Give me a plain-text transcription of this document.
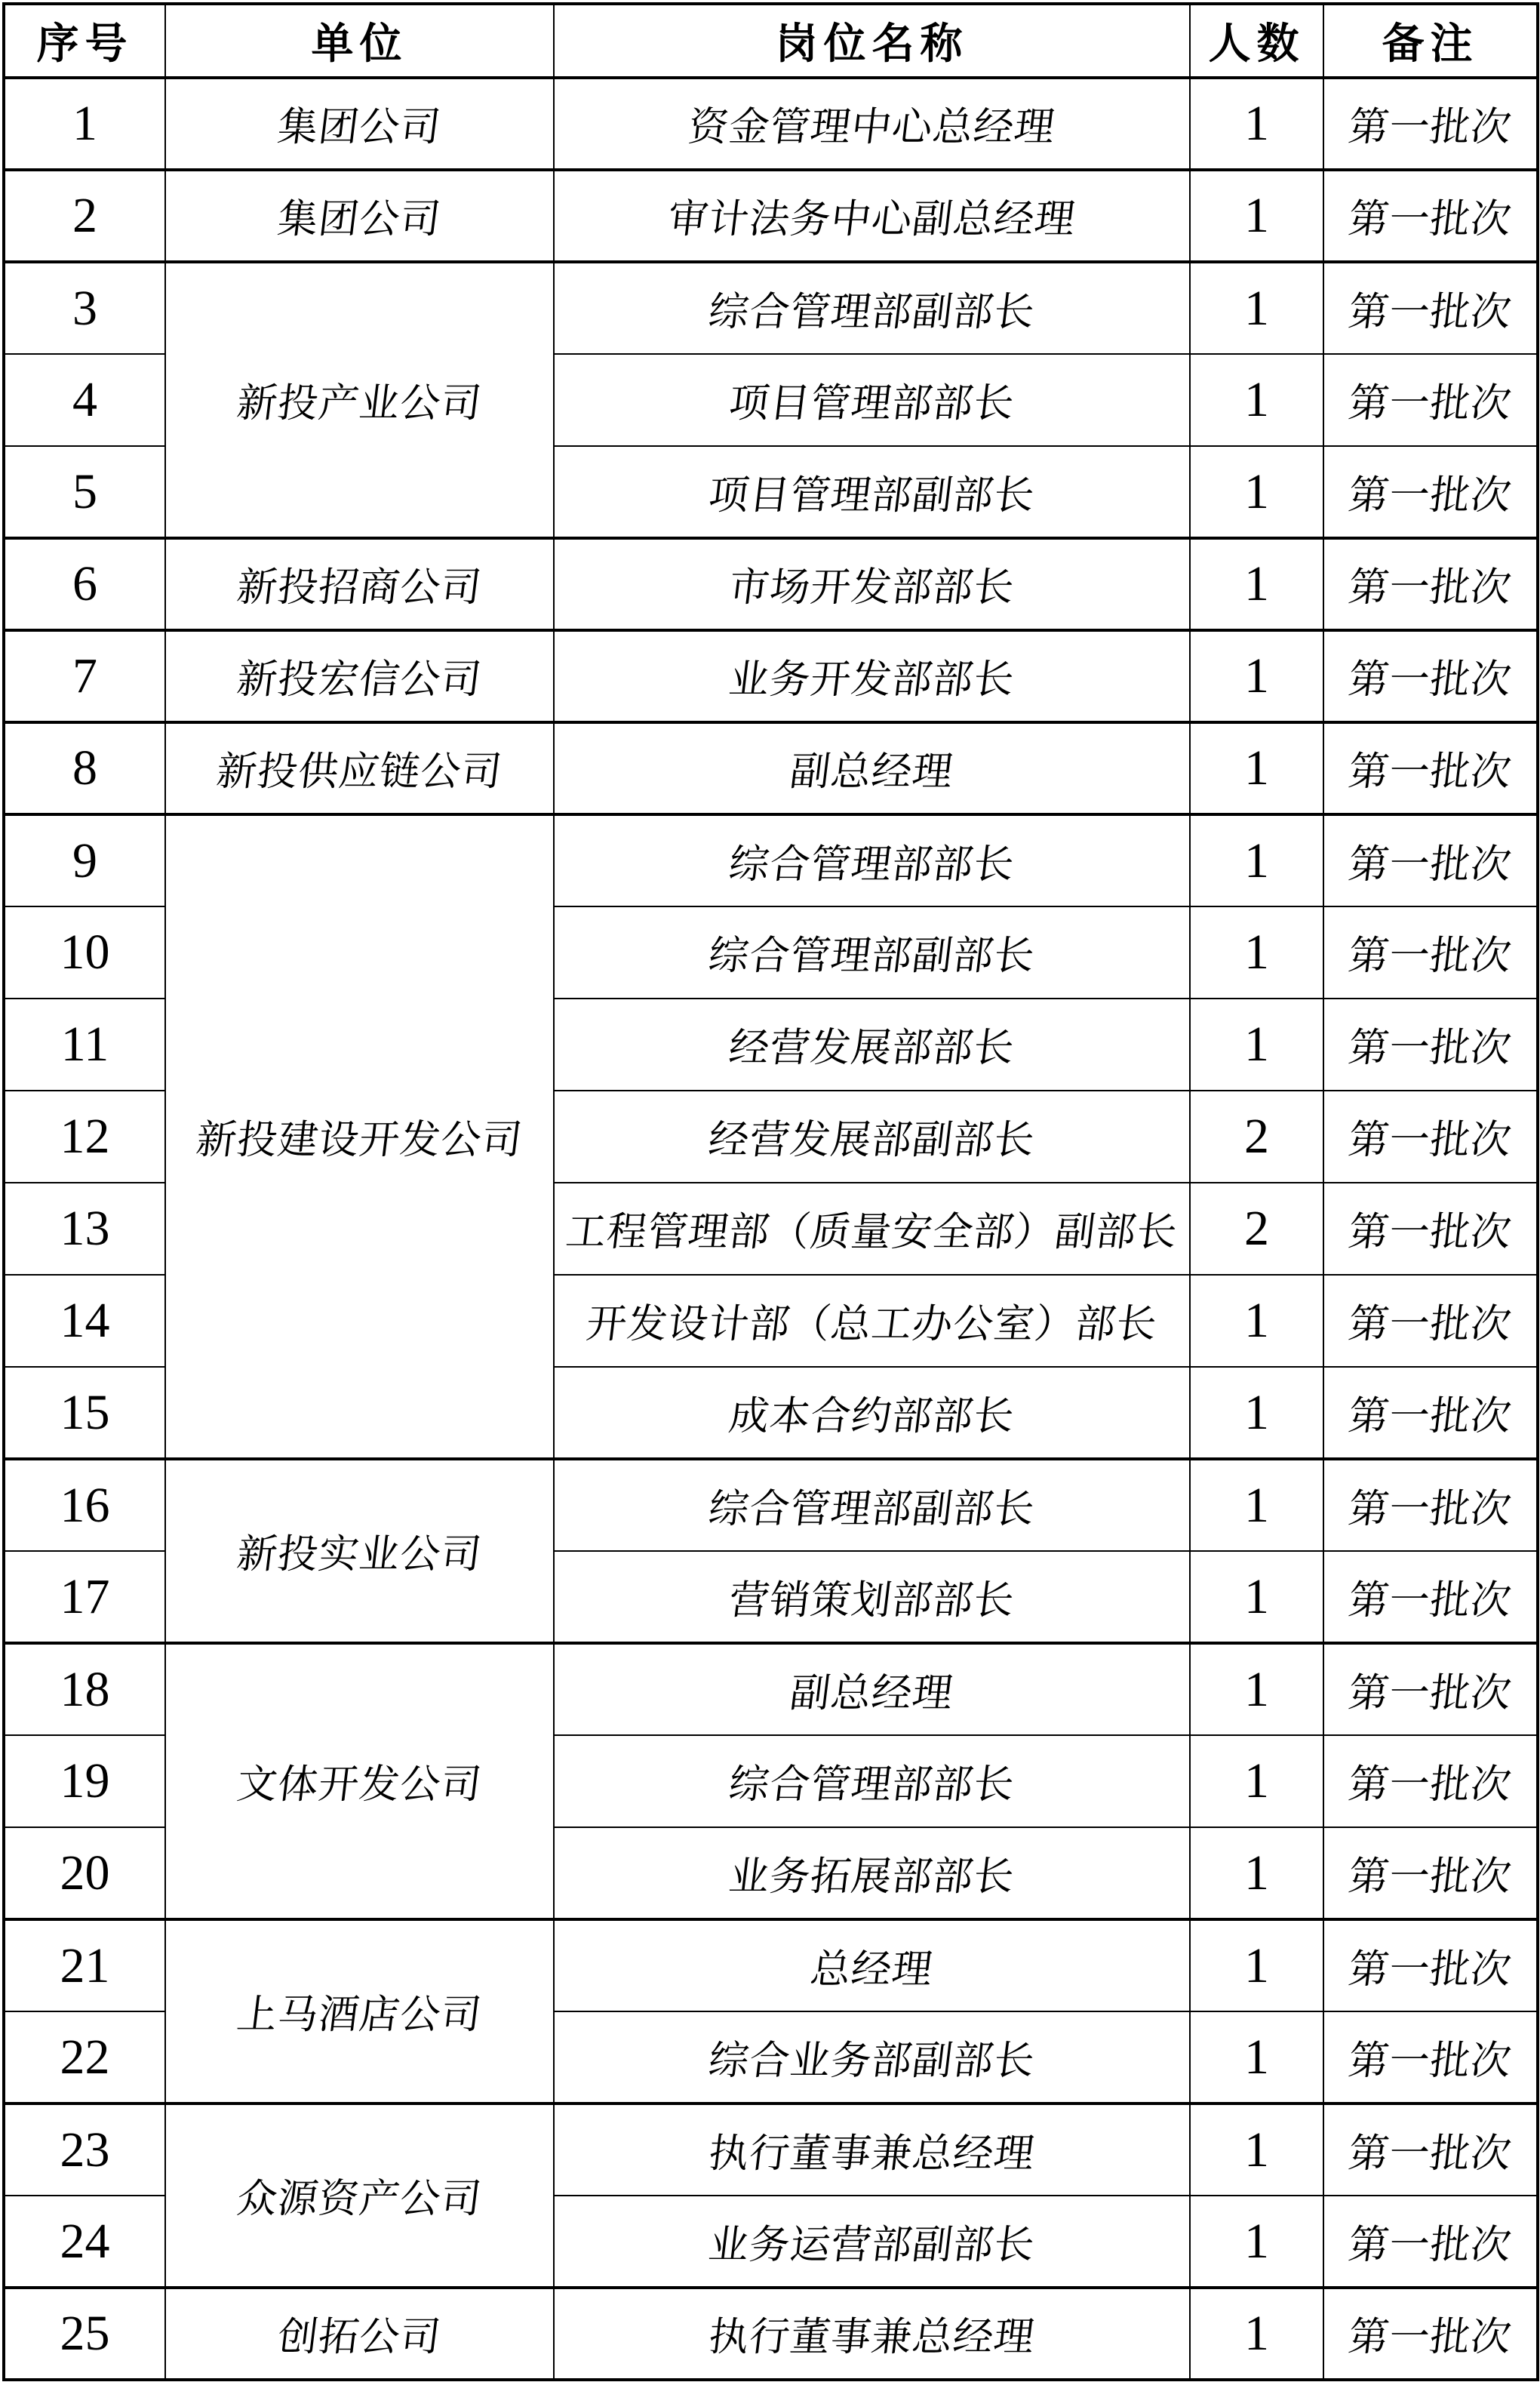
序号	单位	岗位名称	人数	备注
1	集团公司	资金管理中心总经理	1	第一批次
2	集团公司	审计法务中心副总经理	1	第一批次
3	新投产业公司	综合管理部副部长	1	第一批次
4		项目管理部部长	1	第一批次
5		项目管理部副部长	1	第一批次
6	新投招商公司	市场开发部部长	1	第一批次
7	新投宏信公司	业务开发部部长	1	第一批次
8	新投供应链公司	副总经理	1	第一批次
9	新投建设开发公司	综合管理部部长	1	第一批次
10		综合管理部副部长	1	第一批次
11		经营发展部部长	1	第一批次
12		经营发展部副部长	2	第一批次
13		工程管理部（质量安全部）副部长	2	第一批次
14		开发设计部（总工办公室）部长	1	第一批次
15		成本合约部部长	1	第一批次
16	新投实业公司	综合管理部副部长	1	第一批次
17		营销策划部部长	1	第一批次
18	文体开发公司	副总经理	1	第一批次
19		综合管理部部长	1	第一批次
20		业务拓展部部长	1	第一批次
21	上马酒店公司	总经理	1	第一批次
22		综合业务部副部长	1	第一批次
23	众源资产公司	执行董事兼总经理	1	第一批次
24		业务运营部副部长	1	第一批次
25	创拓公司	执行董事兼总经理	1	第一批次
